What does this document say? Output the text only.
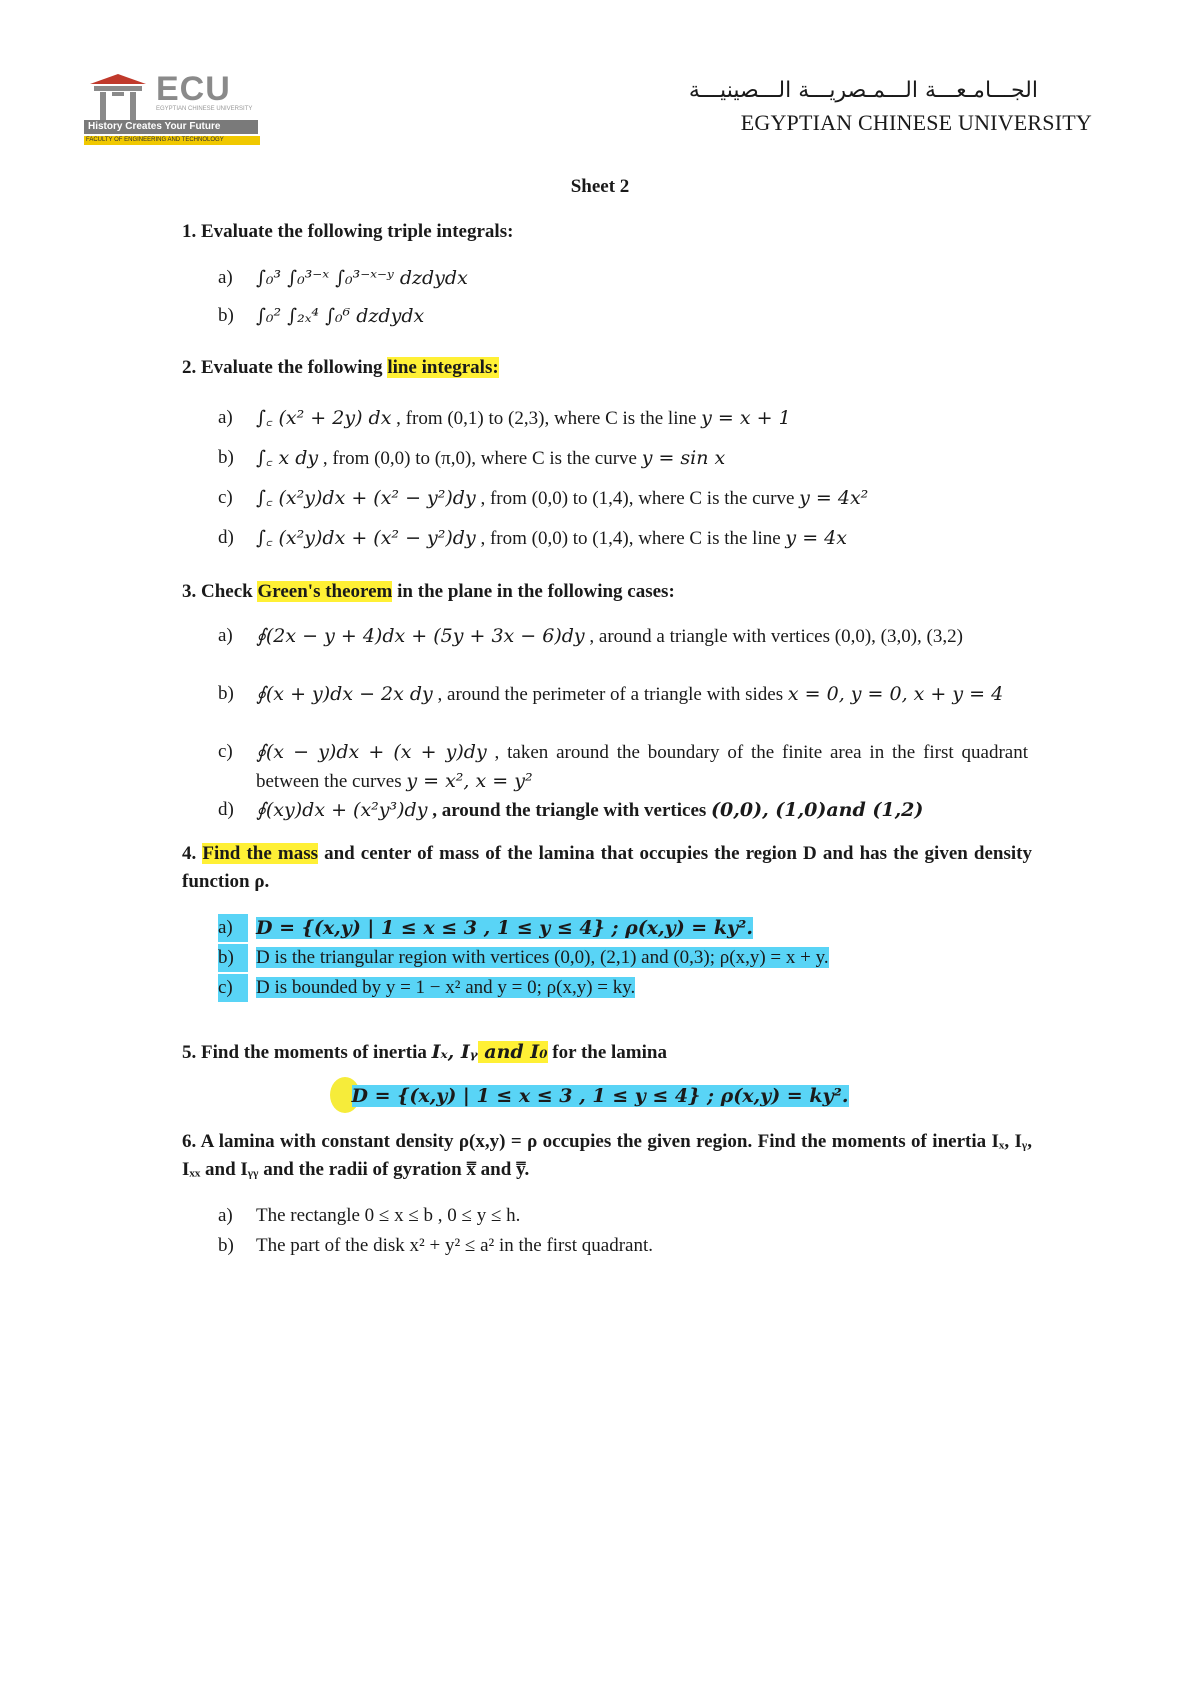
ECU
EGYPTIAN CHINESE UNIVERSITY
History Creates Your Future
FACULTY OF ENGINEERING AND TECHNOLOGY
الجـــامـعـــة الـــمـصريـــة الـــصينيـــة
EGYPTIAN CHINESE UNIVERSITY
Sheet 2
1. Evaluate the following triple integrals:
a)	∫₀³ ∫₀³⁻ˣ ∫₀³⁻ˣ⁻ʸ dzdydx
b)	∫₀² ∫₂ₓ⁴ ∫₀⁶ dzdydx
2. Evaluate the following line integrals:
a)	∫꜀ (x² + 2y) dx , from (0,1) to (2,3), where C is the line y = x + 1
b)	∫꜀ x dy , from (0,0) to (π,0), where C is the curve y = sin x
c)	∫꜀ (x²y)dx + (x² − y²)dy , from (0,0) to (1,4), where C is the curve y = 4x²
d)	∫꜀ (x²y)dx + (x² − y²)dy , from (0,0) to (1,4), where C is the line y = 4x
3. Check Green's theorem in the plane in the following cases:
a)	∮(2x − y + 4)dx + (5y + 3x − 6)dy , around a triangle with vertices (0,0), (3,0), (3,2)
b)	∮(x + y)dx − 2x dy , around the perimeter of a triangle with sides x = 0, y = 0, x + y = 4
c)	∮(x − y)dx + (x + y)dy , taken around the boundary of the finite area in the first quadrant between the curves y = x², x = y²
d)	∮(xy)dx + (x²y³)dy , around the triangle with vertices (0,0), (1,0)and (1,2)
4. Find the mass and center of mass of the lamina that occupies the region D and has the given density function ρ.
a)	D = {(x,y) | 1 ≤ x ≤ 3 , 1 ≤ y ≤ 4} ; ρ(x,y) = ky².
b)	D is the triangular region with vertices (0,0), (2,1) and (0,3); ρ(x,y) = x + y.
c)	D is bounded by y = 1 − x² and y = 0; ρ(x,y) = ky.
5. Find the moments of inertia Iₓ, Iᵧ and I₀ for the lamina
D = {(x,y) | 1 ≤ x ≤ 3 , 1 ≤ y ≤ 4} ; ρ(x,y) = ky².
6. A lamina with constant density ρ(x,y) = ρ occupies the given region. Find the moments of inertia Iₓ, Iᵧ, Iₓₓ and Iᵧᵧ and the radii of gyration x̿ and y̿.
a)	The rectangle 0 ≤ x ≤ b , 0 ≤ y ≤ h.
b)	The part of the disk x² + y² ≤ a² in the first quadrant.
